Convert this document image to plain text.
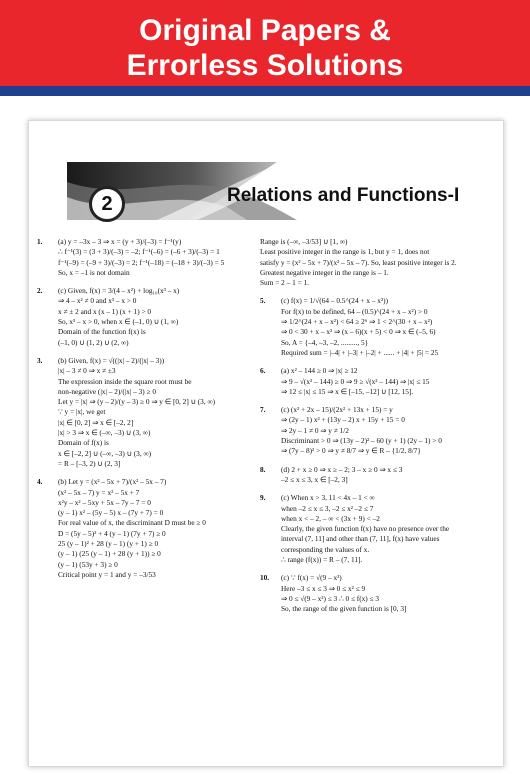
Original Papers &
Errorless Solutions
2	Relations and Functions-I
1. (a) y = –3x – 3 ⇒ x = (y + 3)/(–3) = f⁻¹(y)
∴ f⁻¹(3) = (3 + 3)/(–3) = –2; f⁻¹(–6) = (–6 + 3)/(–3) = 1
f⁻¹(–9) = (–9 + 3)/(–3) = 2; f⁻¹(–18) = (–18 + 3)/(–3) = 5
So, x = –1 is not domain
2. (c) Given, f(x) = 3/(4 – x²) + log₁₀(x³ – x)
⇒ 4 – x² ≠ 0 and x³ – x > 0
x ≠ ± 2 and x (x – 1) (x + 1) > 0
So, x³ – x > 0, when x ∈ (–1, 0) ∪ (1, ∞)
Domain of the function f(x) is
(–1, 0) ∪ (1, 2) ∪ (2, ∞)
3. (b) Given, f(x) = √((|x| – 2)/(|x| – 3))
|x| – 3 ≠ 0 ⇒ x ≠ ±3
The expression inside the square root must be
non-negative (|x| – 2)/(|x| – 3) ≥ 0
Let y = |x| ⇒ (y – 2)/(y – 3) ≥ 0 ⇒ y ∈ [0, 2] ∪ (3, ∞)
∵ y = |x|, we get
|x| ∈ [0, 2] ⇒ x ∈ [–2, 2]
|x| > 3 ⇒ x ∈ (–∞, –3) ∪ (3, ∞)
Domain of f(x) is
x ∈ [–2, 2] ∪ (–∞, –3) ∪ (3, ∞)
= R – [–3, 2) ∪ (2, 3]
4. (b) Let y = (x² – 5x + 7)/(x² – 5x – 7)
(x² – 5x – 7) y = x² – 5x + 7
x²y – x² – 5xy + 5x – 7y – 7 = 0
(y – 1) x² – (5y – 5) x – (7y + 7) = 0
For real value of x, the discriminant D must be ≥ 0
D = (5y – 5)² + 4 (y – 1) (7y + 7) ≥ 0
25 (y – 1)² + 28 (y – 1) (y + 1) ≥ 0
(y – 1) (25 (y – 1) + 28 (y + 1)) ≥ 0
(y – 1) (53y + 3) ≥ 0
Critical point y = 1 and y = –3/53
Range is (–∞, –3/53] ∪ [1, ∞)
Least positive integer in the range is 1, but y = 1, does not
satisfy y = (x² – 5x + 7)/(x² – 5x – 7). So, least positive integer is 2.
Greatest negative integer in the range is – 1.
Sum = 2 – 1 = 1.
5. (c) f(x) = 1/√(64 – 0.5^(24 + x – x²))
For f(x) to be defined, 64 – (0.5)^(24 + x – x²) > 0
⇒ 1/2^(24 + x – x²) < 64 ≥ 2⁶ ⇒ 1 < 2^(30 + x – x²)
⇒ 0 < 30 + x – x² ⇒ (x – 6)(x + 5) < 0 ⇒ x ∈ (–5, 6)
So, A = {–4, –3, –2, ........., 5}
Required sum = |–4| + |–3| + |–2| + ...... + |4| + |5| = 25
6. (a) x² – 144 ≥ 0 ⇒ |x| ≥ 12
⇒ 9 – √(x² – 144) ≥ 0 ⇒ 9 ≥ √(x² – 144) ⇒ |x| ≤ 15
⇒ 12 ≤ |x| ≤ 15 ⇒ x ∈ [–15, –12] ∪ [12, 15].
7. (c) (x² + 2x – 15)/(2x² + 13x + 15) = y
⇒ (2y – 1) x² + (13y – 2) x + 15y + 15 = 0
⇒ 2y – 1 ≠ 0 ⇒ y ≠ 1/2
Discriminant > 0 ⇒ (13y – 2)² – 60 (y + 1) (2y – 1) > 0
⇒ (7y – 8)² > 0 ⇒ y ≠ 8/7 ⇒ y ∈ R – {1/2, 8/7}
8. (d) 2 + x ≥ 0 ⇒ x ≥ – 2; 3 – x ≥ 0 ⇒ x ≤ 3
–2 ≤ x ≤ 3, x ∈ [–2, 3]
9. (c) When x > 3, 11 < 4x – 1 < ∞
when –2 ≤ x ≤ 3, –2 ≤ x² –2 ≤ 7
when x < – 2, – ∞ < (3x + 9) < –2
Clearly, the given function f(x) have no presence over the
interval (7, 11] and other than (7, 11], f(x) have values
corresponding the values of x.
∴ range (f(x)) = R – (7, 11].
10. (c) ∵ f(x) = √(9 – x²)
Here –3 ≤ x ≤ 3 ⇒ 0 ≤ x² ≤ 9
⇒ 0 ≤ √(9 – x²) ≤ 3 ∴ 0 ≤ f(x) ≤ 3
So, the range of the given function is [0, 3]
